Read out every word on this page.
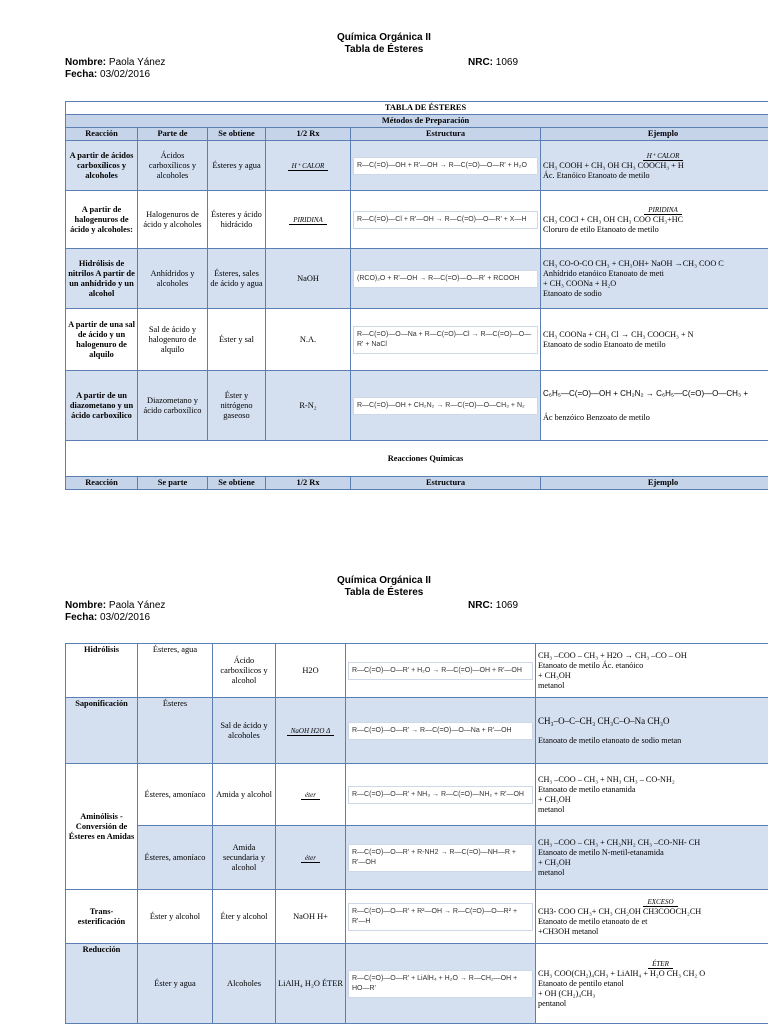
Química Orgánica II
Tabla de Ésteres
Nombre: Paola Yánez	NRC: 1069
Fecha: 03/02/2016
TABLA DE ÉSTERES					
Métodos de Preparación					
Reacción	Parte de	Se obtiene	1/2 Rx	Estructura	Ejemplo
A partir de ácidos carboxílicos y alcoholes	Ácidos carboxílicos y alcoholes	Ésteres y agua	H⁺ CALOR	R—C(=O)—OH + R'—OH → R—C(=O)—O—R' + H₂O	H⁺ CALOR
CH₃ COOH + CH₃ OH CH₃ COOCH₃ + H
Ác. Etanóico Etanoato de metilo

A partir de halogenuros de ácido y alcoholes:	Halogenuros de ácido y alcoholes	Ésteres y ácido hidrácido	PIRIDINA	R—C(=O)—Cl + R'—OH → R—C(=O)—O—R' + X—H	PIRIDINA
CH₃ COCl + CH₃ OH CH₃ COO CH₃+HC
Cloruro de etilo Etanoato de metilo

Hidrólisis de nitrilos A partir de un anhídrido y un alcohol	Anhídridos y alcoholes	Ésteres, sales de ácido y agua	NaOH	(RCO)₂O + R'—OH → R—C(=O)—O—R' + RCOOH	CH₃ CO-O-CO CH₃ + CH₃OH+ NaOH →CH₃ COO C
Anhídrido etanóico Etanoato de meti
+ CH₃ COONa + H₂O
Etanoato de sodio

A partir de una sal de ácido y un halogenuro de alquilo	Sal de ácido y halogenuro de alquilo	Éster y sal	N.A.	R—C(=O)—O—Na + R—C(=O)—Cl → R—C(=O)—O—R' + NaCl	CH₃ COONa + CH₃ Cl → CH₃ COOCH₃ + N
Etanoato de sodio Etanoato de metilo

A partir de un diazometano y un ácido carboxílico	Diazometano y ácido carboxílico	Éster y nitrógeno gaseoso	R-N₂	R—C(=O)—OH + CH₂N₂ → R—C(=O)—O—CH₃ + N₂	C₆H₅—C(=O)—OH + CH₂N₂ → C₆H₅—C(=O)—O—CH₃ +
Ác benzóico Benzoato de metilo

Reacciones Químicas					
Reacción	Se parte	Se obtiene	1/2 Rx	Estructura	Ejemplo
Química Orgánica II
Tabla de Ésteres
Nombre: Paola Yánez	NRC: 1069
Fecha: 03/02/2016
Hidrólisis	Ésteres, agua	Ácido carboxílicos y alcohol	H2O	R—C(=O)—O—R' + H₂O → R—C(=O)—OH + R'—OH	CH₃ –COO – CH₃ + H2O → CH₃ –CO – OH
Etanoato de metilo Ác. etanóico
+ CH₃OH
metanol

Saponificación	Ésteres	Sal de ácido y alcoholes	NaOH H2O Δ	R—C(=O)—O—R' → R—C(=O)—O—Na + R'—OH	CH₃–O–C–CH₃ CH₃C–O–Na CH₃O
Etanoato de metilo etanoato de sodio metan

Aminólisis - Conversión de Ésteres en Amidas	Ésteres, amoníaco	Amida y alcohol	éter	R—C(=O)—O—R' + NH₃ → R—C(=O)—NH₂ + R'—OH	CH₃ –COO – CH₃ + NH₃ CH₃ – CO-NH₂
Etanoato de metilo etanamida
+ CH₃OH
metanol

	Ésteres, amoníaco	Amida secundaria y alcohol	éter	R—C(=O)—O—R' + R-NH2 → R—C(=O)—NH—R + R'—OH	CH₃ –COO – CH₃ + CH₃NH₂ CH₃ –CO-NH- CH
Etanoato de metilo N-metil-etanamida
+ CH₃OH
metanol

Trans-esterificación	Éster y alcohol	Éter y alcohol	NaOH H+	R—C(=O)—O—R' + R²—OH → R—C(=O)—O—R² + R'—H	EXCESO
CH3- COO CH₃+ CH₃ CH₂OH CH3COOCH₂CH
Etanoato de metilo etanoato de et
+CH3OH metanol

Reducción	Éster y agua	Alcoholes	LiAlH₄ H₂O ÉTER	R—C(=O)—O—R' + LiAlH₄ + H₂O → R—CH₂—OH + HO—R'	ÉTER
CH₃ COO(CH₂)₄CH₃ + LiAlH₄ + H₂O CH₃ CH₂ O
Etanoato de pentilo etanol
+ OH (CH₂)₄CH₃
pentanol
